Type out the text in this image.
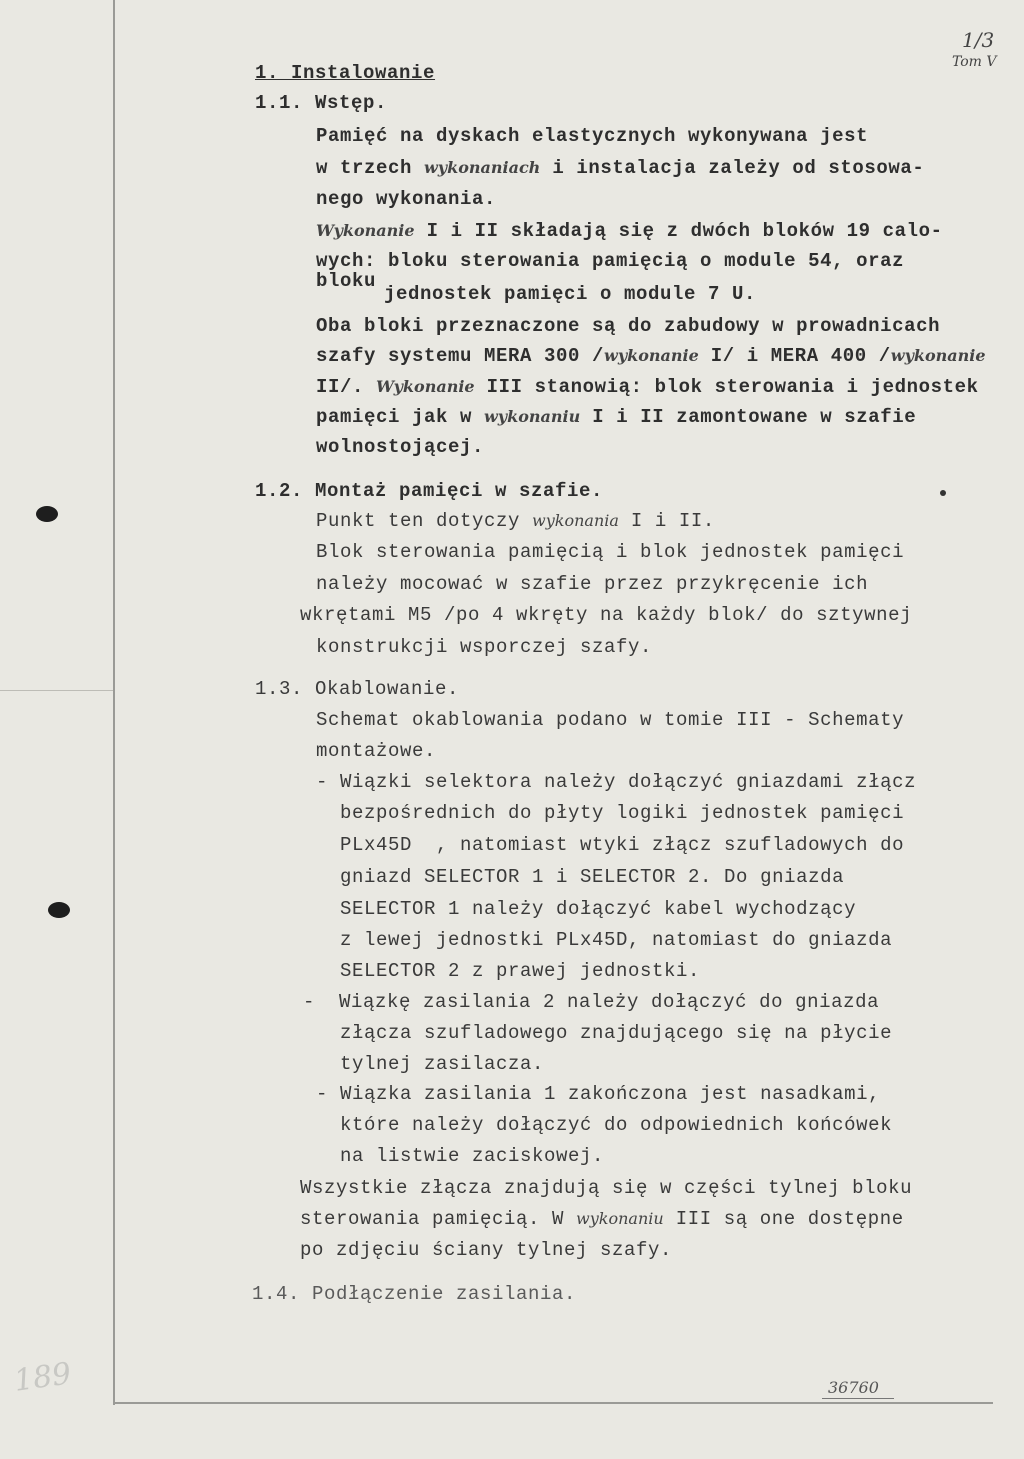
1/3
Tom V
1. Instalowanie
1.1. Wstęp.
Pamięć na dyskach elastycznych wykonywana jest
w trzech wykonaniach i instalacja zależy od stosowa-
nego wykonania.
Wykonanie I i II składają się z dwóch bloków 19 calo-
wych: bloku sterowania pamięcią o module 54, oraz
bloku
jednostek pamięci o module 7 U.
Oba bloki przeznaczone są do zabudowy w prowadnicach
szafy systemu MERA 300 /wykonanie I/ i MERA 400 /wykonanie
II/. Wykonanie III stanowią: blok sterowania i jednostek
pamięci jak w wykonaniu I i II zamontowane w szafie
wolnostojącej.
1.2. Montaż pamięci w szafie.
Punkt ten dotyczy wykonania I i II.
Blok sterowania pamięcią i blok jednostek pamięci
należy mocować w szafie przez przykręcenie ich
wkrętami M5 /po 4 wkręty na każdy blok/ do sztywnej
konstrukcji wsporczej szafy.
1.3. Okablowanie.
Schemat okablowania podano w tomie III - Schematy
montażowe.
- Wiązki selektora należy dołączyć gniazdami złącz
bezpośrednich do płyty logiki jednostek pamięci
PLx45D  , natomiast wtyki złącz szufladowych do
gniazd SELECTOR 1 i SELECTOR 2. Do gniazda
SELECTOR 1 należy dołączyć kabel wychodzący
z lewej jednostki PLx45D, natomiast do gniazda
SELECTOR 2 z prawej jednostki.
-  Wiązkę zasilania 2 należy dołączyć do gniazda
złącza szufladowego znajdującego się na płycie
tylnej zasilacza.
- Wiązka zasilania 1 zakończona jest nasadkami,
które należy dołączyć do odpowiednich końcówek
na listwie zaciskowej.
Wszystkie złącza znajdują się w części tylnej bloku
sterowania pamięcią. W wykonaniu III są one dostępne
po zdjęciu ściany tylnej szafy.
1.4. Podłączenie zasilania.
36760
189
